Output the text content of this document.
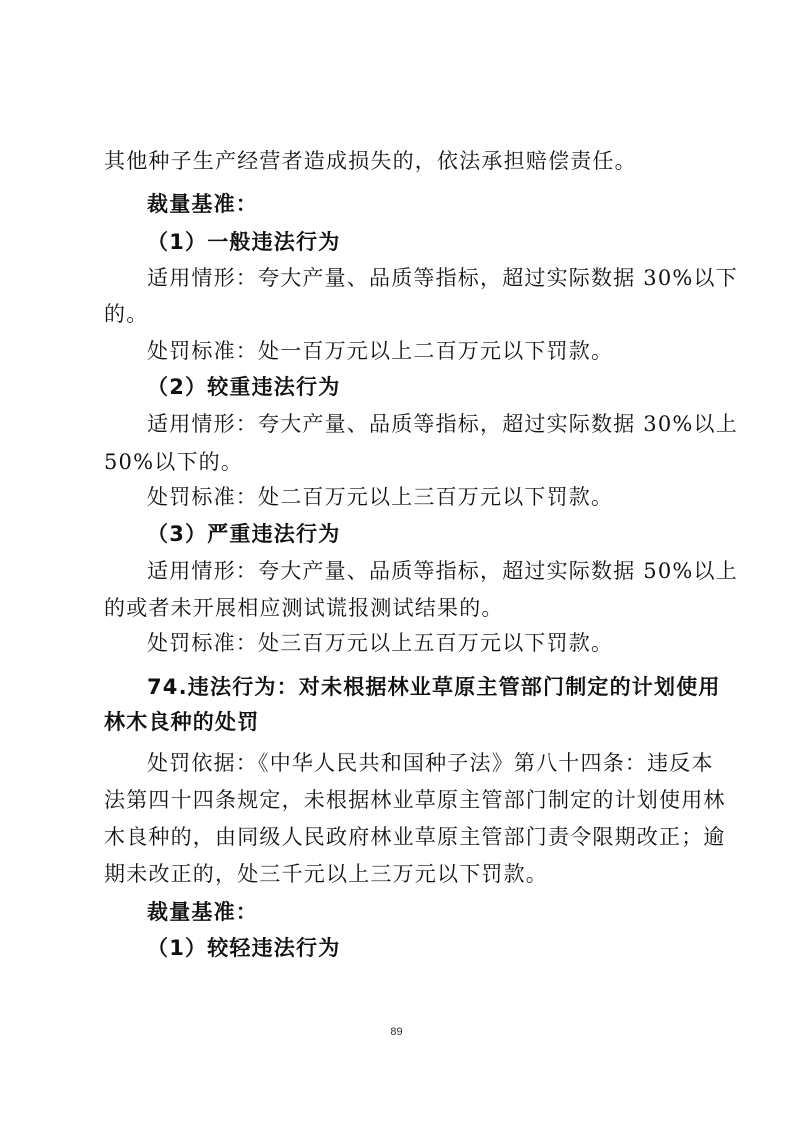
其他种子生产经营者造成损失的，依法承担赔偿责任。
裁量基准：
（1）一般违法行为
适用情形：夸大产量、品质等指标，超过实际数据 30%以下
的。
处罚标准：处一百万元以上二百万元以下罚款。
（2）较重违法行为
适用情形：夸大产量、品质等指标，超过实际数据 30%以上
50%以下的。
处罚标准：处二百万元以上三百万元以下罚款。
（3）严重违法行为
适用情形：夸大产量、品质等指标，超过实际数据 50%以上
的或者未开展相应测试谎报测试结果的。
处罚标准：处三百万元以上五百万元以下罚款。
74.违法行为：对未根据林业草原主管部门制定的计划使用
林木良种的处罚
处罚依据：《中华人民共和国种子法》第八十四条：违反本
法第四十四条规定，未根据林业草原主管部门制定的计划使用林
木良种的，由同级人民政府林业草原主管部门责令限期改正；逾
期未改正的，处三千元以上三万元以下罚款。
裁量基准：
（1）较轻违法行为
89
